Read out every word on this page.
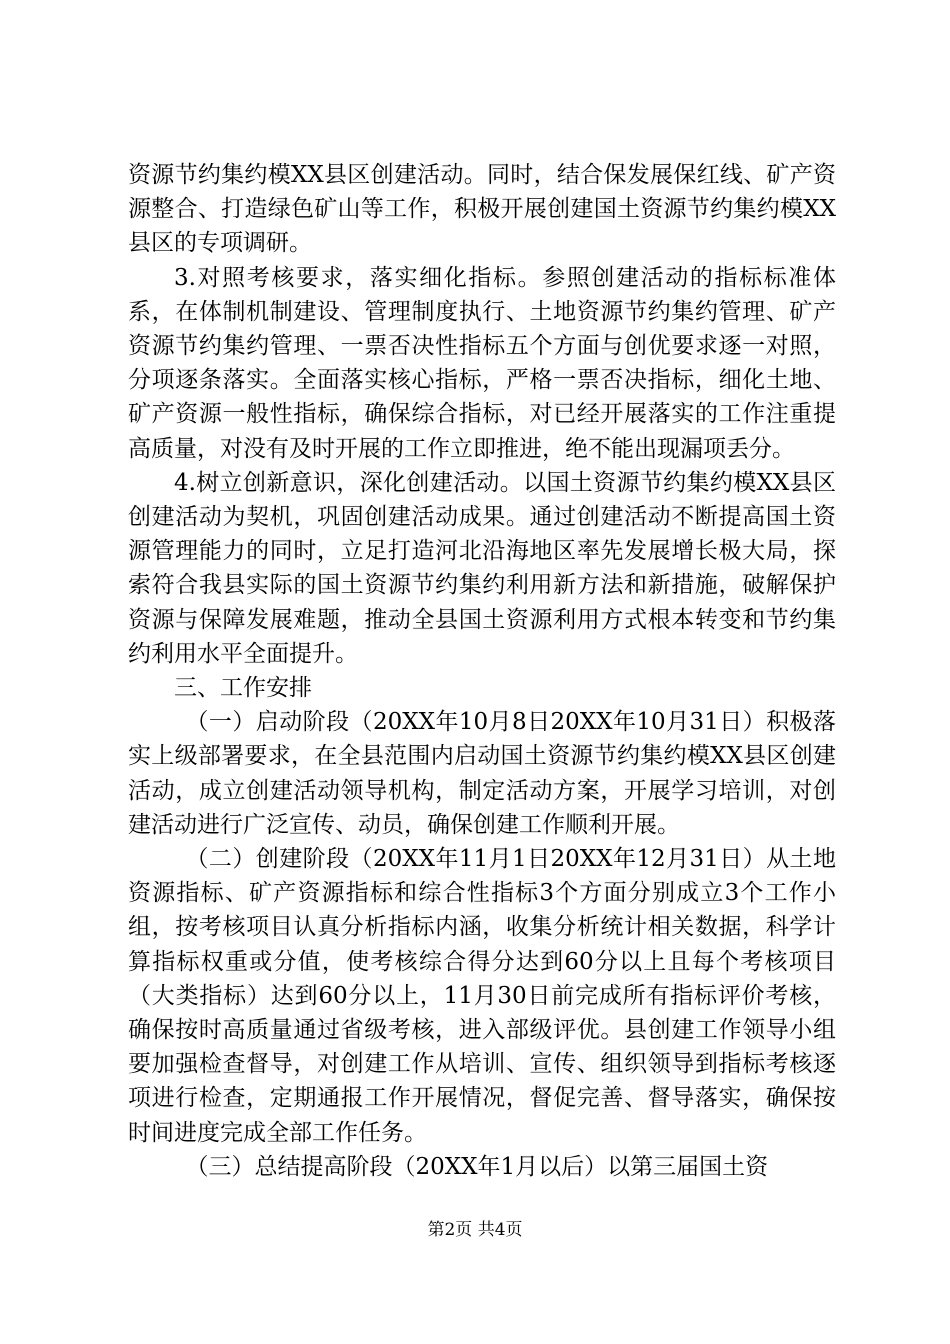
资源节约集约模XX县区创建活动。同时，结合保发展保红线、矿产资源整合、打造绿色矿山等工作，积极开展创建国土资源节约集约模XX县区的专项调研。

3.对照考核要求，落实细化指标。参照创建活动的指标标准体系，在体制机制建设、管理制度执行、土地资源节约集约管理、矿产资源节约集约管理、一票否决性指标五个方面与创优要求逐一对照，分项逐条落实。全面落实核心指标，严格一票否决指标，细化土地、矿产资源一般性指标，确保综合指标，对已经开展落实的工作注重提高质量，对没有及时开展的工作立即推进，绝不能出现漏项丢分。

4.树立创新意识，深化创建活动。以国土资源节约集约模XX县区创建活动为契机，巩固创建活动成果。通过创建活动不断提高国土资源管理能力的同时，立足打造河北沿海地区率先发展增长极大局，探索符合我县实际的国土资源节约集约利用新方法和新措施，破解保护资源与保障发展难题，推动全县国土资源利用方式根本转变和节约集约利用水平全面提升。

三、工作安排

（一）启动阶段（20XX年10月8日20XX年10月31日）积极落实上级部署要求，在全县范围内启动国土资源节约集约模XX县区创建活动，成立创建活动领导机构，制定活动方案，开展学习培训，对创建活动进行广泛宣传、动员，确保创建工作顺利开展。

（二）创建阶段（20XX年11月1日20XX年12月31日）从土地资源指标、矿产资源指标和综合性指标3个方面分别成立3个工作小组，按考核项目认真分析指标内涵，收集分析统计相关数据，科学计算指标权重或分值，使考核综合得分达到60分以上且每个考核项目（大类指标）达到60分以上，11月30日前完成所有指标评价考核，确保按时高质量通过省级考核，进入部级评优。县创建工作领导小组要加强检查督导，对创建工作从培训、宣传、组织领导到指标考核逐项进行检查，定期通报工作开展情况，督促完善、督导落实，确保按时间进度完成全部工作任务。

（三）总结提高阶段（20XX年1月以后）以第三届国土资

第2页 共4页
